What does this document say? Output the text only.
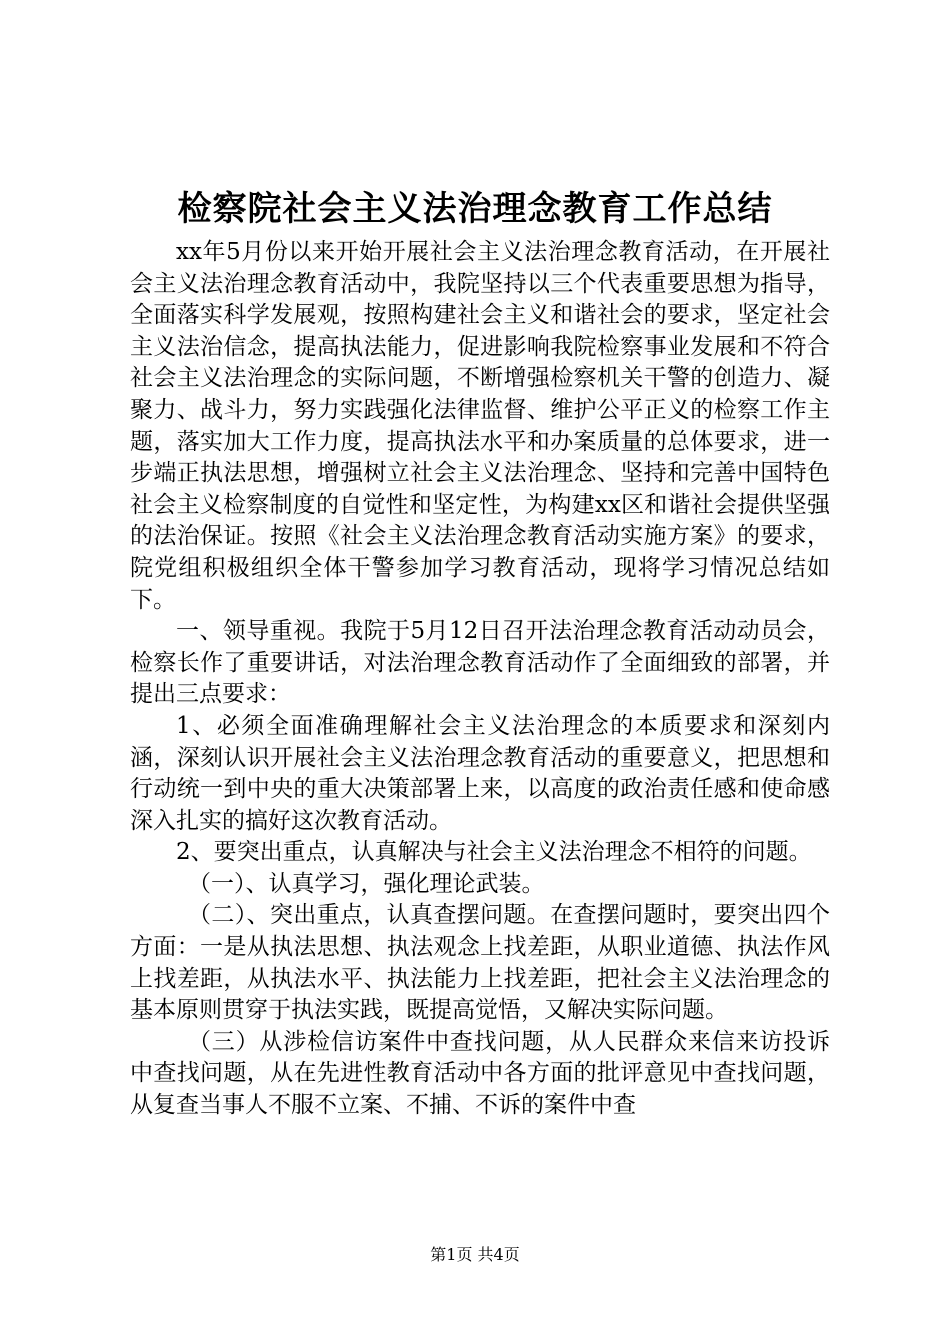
检察院社会主义法治理念教育工作总结

xx年5月份以来开始开展社会主义法治理念教育活动，在开展社会主义法治理念教育活动中，我院坚持以三个代表重要思想为指导，全面落实科学发展观，按照构建社会主义和谐社会的要求，坚定社会主义法治信念，提高执法能力，促进影响我院检察事业发展和不符合社会主义法治理念的实际问题，不断增强检察机关干警的创造力、凝聚力、战斗力，努力实践强化法律监督、维护公平正义的检察工作主题，落实加大工作力度，提高执法水平和办案质量的总体要求，进一步端正执法思想，增强树立社会主义法治理念、坚持和完善中国特色社会主义检察制度的自觉性和坚定性，为构建xx区和谐社会提供坚强的法治保证。按照《社会主义法治理念教育活动实施方案》的要求，院党组积极组织全体干警参加学习教育活动，现将学习情况总结如下。

一、领导重视。我院于5月12日召开法治理念教育活动动员会，检察长作了重要讲话，对法治理念教育活动作了全面细致的部署，并提出三点要求：

1、必须全面准确理解社会主义法治理念的本质要求和深刻内涵，深刻认识开展社会主义法治理念教育活动的重要意义，把思想和行动统一到中央的重大决策部署上来，以高度的政治责任感和使命感深入扎实的搞好这次教育活动。

2、要突出重点，认真解决与社会主义法治理念不相符的问题。

（一）、认真学习，强化理论武装。

（二）、突出重点，认真查摆问题。在查摆问题时，要突出四个方面：一是从执法思想、执法观念上找差距，从职业道德、执法作风上找差距，从执法水平、执法能力上找差距，把社会主义法治理念的基本原则贯穿于执法实践，既提高觉悟，又解决实际问题。

（三）从涉检信访案件中查找问题，从人民群众来信来访投诉中查找问题，从在先进性教育活动中各方面的批评意见中查找问题，从复查当事人不服不立案、不捕、不诉的案件中查

第1页 共4页
